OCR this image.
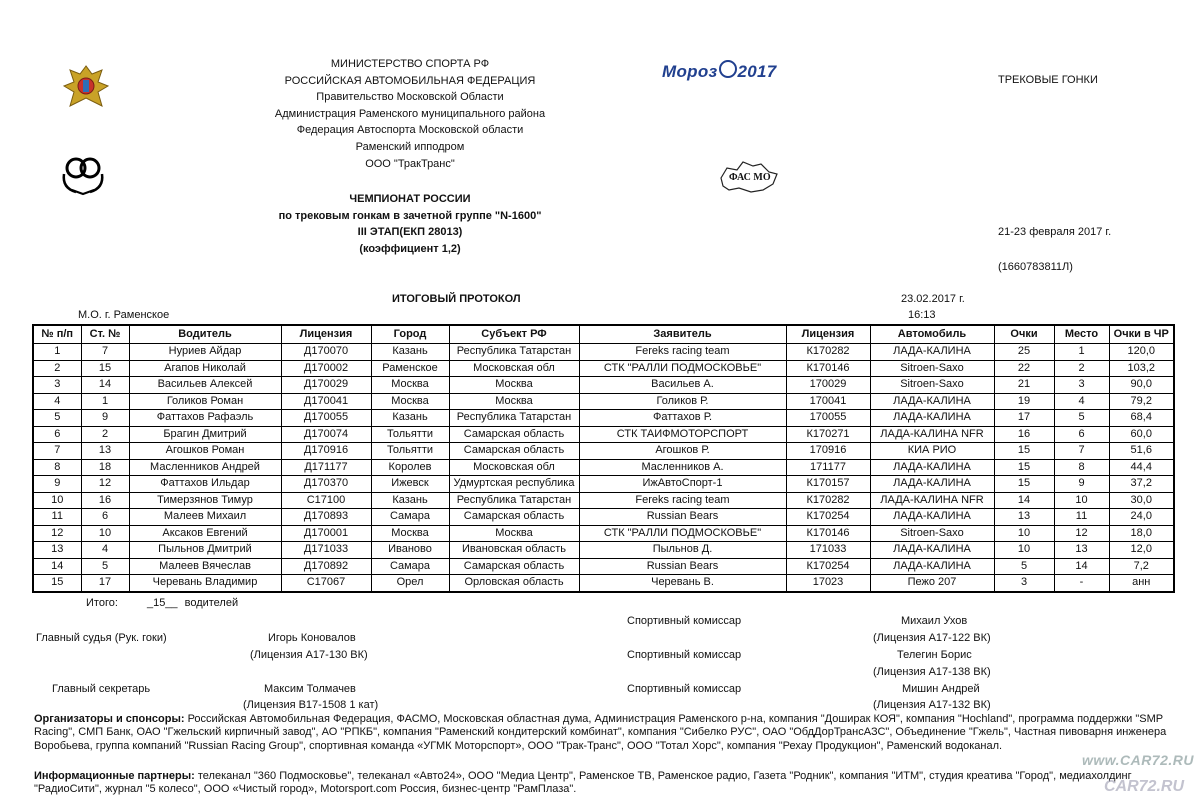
МИНИСТЕРСТВО СПОРТА РФ
РОССИЙСКАЯ АВТОМОБИЛЬНАЯ ФЕДЕРАЦИЯ
Правительство Московской Области
Администрация Раменского муниципального района
Федерация Автоспорта Московской области
Раменский ипподром
ООО "ТракТранс"
ЧЕМПИОНАТ РОССИИ
по трековым гонкам в зачетной группе "N-1600"
III ЭТАП(ЕКП 28013)
(коэффициент 1,2)
Мороз 2017
ФАС МО
ТРЕКОВЫЕ ГОНКИ
21-23 февраля 2017 г.
(1660783811Л)
ИТОГОВЫЙ ПРОТОКОЛ	23.02.2017 г.
16:13
М.О. г. Раменское
№ п/п	Ст. №	Водитель	Лицензия	Город	Субъект РФ	Заявитель	Лицензия	Автомобиль	Очки	Место	Очки в ЧР
1	7	Нуриев Айдар	Д170070	Казань	Республика Татарстан	Fereks racing team	К170282	ЛАДА-КАЛИНА	25	1	120,0
2	15	Агапов Николай	Д170002	Раменское	Московская обл	СТК "РАЛЛИ ПОДМОСКОВЬЕ"	К170146	Sitroen-Saxo	22	2	103,2
3	14	Васильев Алексей	Д170029	Москва	Москва	Васильев А.	170029	Sitroen-Saxo	21	3	90,0
4	1	Голиков Роман	Д170041	Москва	Москва	Голиков Р.	170041	ЛАДА-КАЛИНА	19	4	79,2
5	9	Фаттахов Рафаэль	Д170055	Казань	Республика Татарстан	Фаттахов Р.	170055	ЛАДА-КАЛИНА	17	5	68,4
6	2	Брагин Дмитрий	Д170074	Тольятти	Самарская область	СТК ТАИФМОТОРСПОРТ	К170271	ЛАДА-КАЛИНА NFR	16	6	60,0
7	13	Агошков Роман	Д170916	Тольятти	Самарская область	Агошков Р.	170916	КИА РИО	15	7	51,6
8	18	Масленников Андрей	Д171177	Королев	Московская обл	Масленников А.	171177	ЛАДА-КАЛИНА	15	8	44,4
9	12	Фаттахов Ильдар	Д170370	Ижевск	Удмуртская республика	ИжАвтоСпорт-1	К170157	ЛАДА-КАЛИНА	15	9	37,2
10	16	Тимерзянов Тимур	С17100	Казань	Республика Татарстан	Fereks racing team	К170282	ЛАДА-КАЛИНА NFR	14	10	30,0
11	6	Малеев Михаил	Д170893	Самара	Самарская область	Russian Bears	К170254	ЛАДА-КАЛИНА	13	11	24,0
12	10	Аксаков Евгений	Д170001	Москва	Москва	СТК "РАЛЛИ ПОДМОСКОВЬЕ"	К170146	Sitroen-Saxo	10	12	18,0
13	4	Пыльнов Дмитрий	Д171033	Иваново	Ивановская область	Пыльнов Д.	171033	ЛАДА-КАЛИНА	10	13	12,0
14	5	Малеев Вячеслав	Д170892	Самара	Самарская область	Russian Bears	К170254	ЛАДА-КАЛИНА	5	14	7,2
15	17	Черевань Владимир	С17067	Орел	Орловская область	Черевань В.	17023	Пежо 207	3	-	анн
Итого:	_15__ водителей
Главный судья (Рук. гоки)	Игорь Коновалов
(Лицензия А17-130 ВК)
Главный секретарь	Максим Толмачев
(Лицензия В17-1508 1 кат)
Спортивный комиссар	Михаил Ухов
(Лицензия А17-122 ВК)
Спортивный комиссар	Телегин Борис
(Лицензия А17-138 ВК)
Спортивный комиссар	Мишин Андрей
(Лицензия А17-132 ВК)
Организаторы и спонсоры: Российская Автомобильная Федерация, ФАСМО, Московская областная дума, Администрация Раменского р-на, компания "Доширак КОЯ", компания "Hochland", программа поддержки "SMP Racing", СМП Банк, ОАО "Гжельский кирпичный завод", АО "РПКБ", компания "Раменский кондитерский комбинат", компания "Сибелко РУС", ОАО "ОбдДорТрансАЗС", Объединение "Гжель", Частная пивоварня инженера Воробьева, группа компаний "Russian Racing Group", спортивная команда «УГМК Моторспорт», ООО "Трак-Транс", ООО "Тотал Хорс", компания "Рехау Продукцион", Раменский водоканал.
Информационные партнеры: телеканал "360 Подмосковье", телеканал «Авто24», ООО "Медиа Центр", Раменское ТВ, Раменское радио, Газета "Родник", компания "ИТМ", студия креатива "Город", медиахолдинг "РадиоСити", журнал "5 колесо", ООО «Чистый город», Motorsport.com Россия, бизнес-центр "РамПлаза".
www.CAR72.RU
CAR72.RU
